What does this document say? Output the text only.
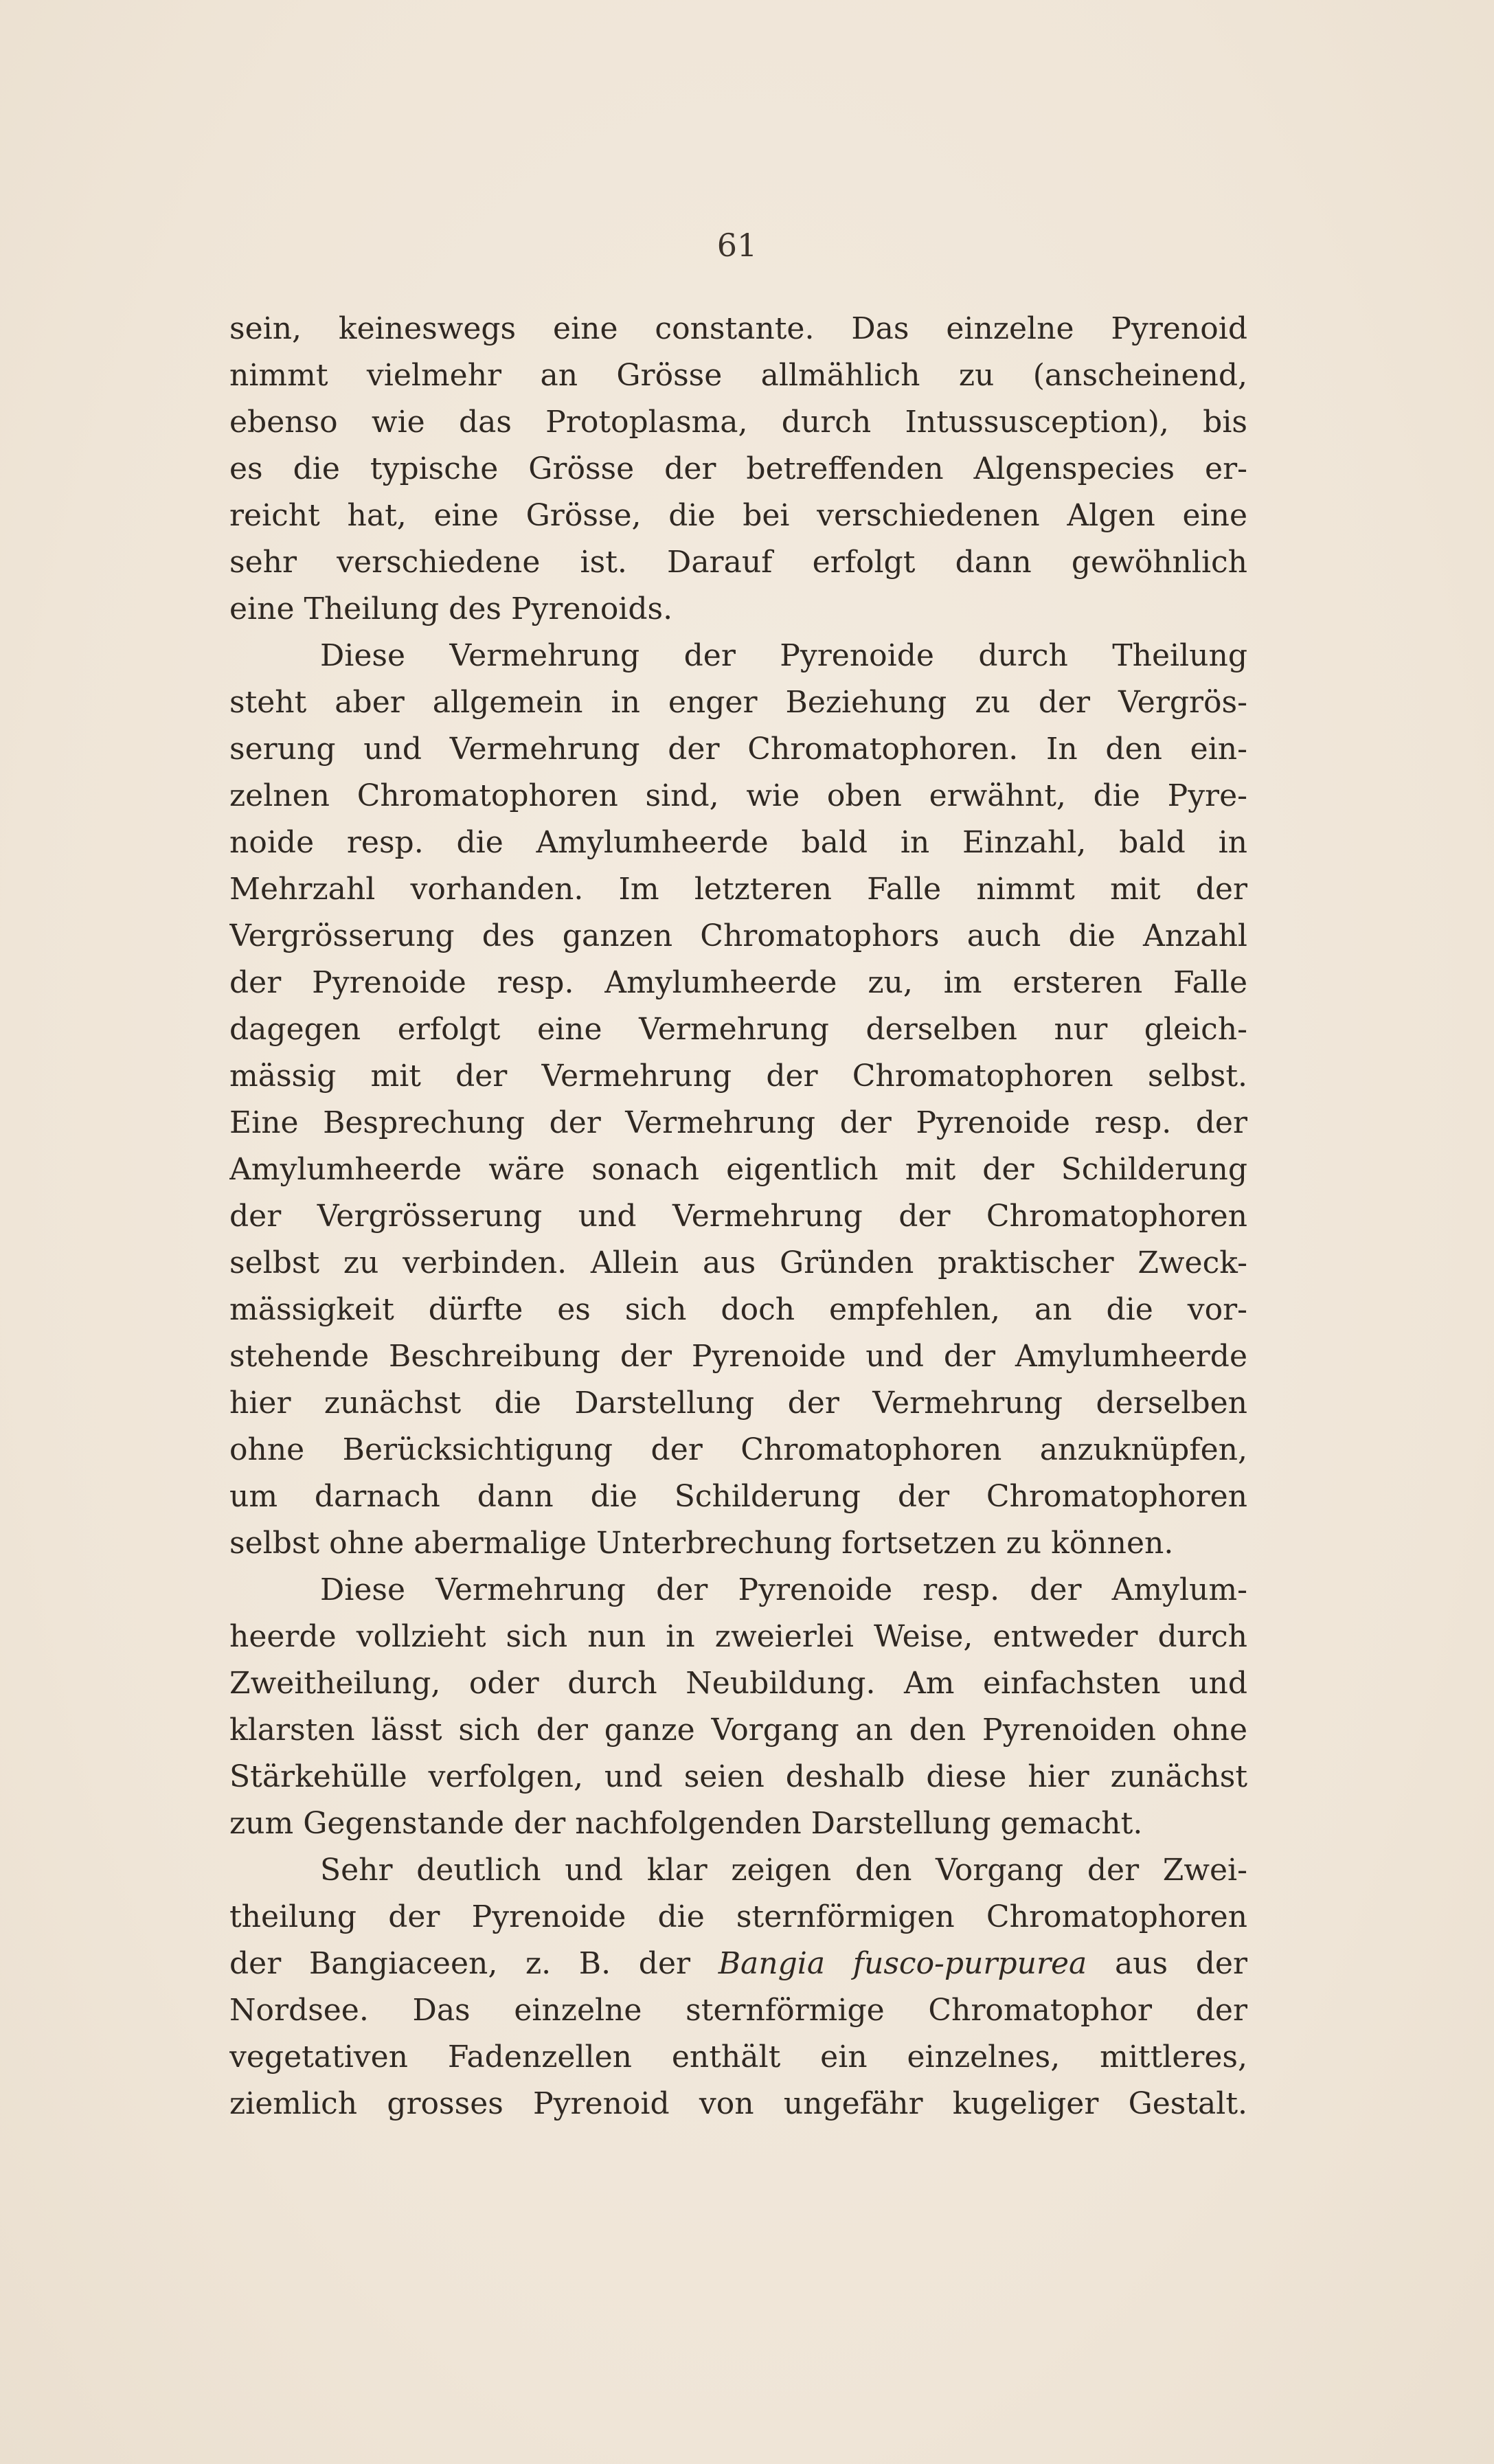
61
sein, keineswegs eine constante. Das einzelne Pyrenoid
nimmt vielmehr an Grösse allmählich zu (anscheinend,
ebenso wie das Protoplasma, durch Intussusception), bis
es die typische Grösse der betreffenden Algenspecies er-
reicht hat, eine Grösse, die bei verschiedenen Algen eine
sehr verschiedene ist. Darauf erfolgt dann gewöhnlich
eine Theilung des Pyrenoids.
Diese Vermehrung der Pyrenoide durch Theilung
steht aber allgemein in enger Beziehung zu der Vergrös-
serung und Vermehrung der Chromatophoren. In den ein-
zelnen Chromatophoren sind, wie oben erwähnt, die Pyre-
noide resp. die Amylumheerde bald in Einzahl, bald in
Mehrzahl vorhanden. Im letzteren Falle nimmt mit der
Vergrösserung des ganzen Chromatophors auch die Anzahl
der Pyrenoide resp. Amylumheerde zu, im ersteren Falle
dagegen erfolgt eine Vermehrung derselben nur gleich-
mässig mit der Vermehrung der Chromatophoren selbst.
Eine Besprechung der Vermehrung der Pyrenoide resp. der
Amylumheerde wäre sonach eigentlich mit der Schilderung
der Vergrösserung und Vermehrung der Chromatophoren
selbst zu verbinden. Allein aus Gründen praktischer Zweck-
mässigkeit dürfte es sich doch empfehlen, an die vor-
stehende Beschreibung der Pyrenoide und der Amylumheerde
hier zunächst die Darstellung der Vermehrung derselben
ohne Berücksichtigung der Chromatophoren anzuknüpfen,
um darnach dann die Schilderung der Chromatophoren
selbst ohne abermalige Unterbrechung fortsetzen zu können.
Diese Vermehrung der Pyrenoide resp. der Amylum-
heerde vollzieht sich nun in zweierlei Weise, entweder durch
Zweitheilung, oder durch Neubildung. Am einfachsten und
klarsten lässt sich der ganze Vorgang an den Pyrenoiden ohne
Stärkehülle verfolgen, und seien deshalb diese hier zunächst
zum Gegenstande der nachfolgenden Darstellung gemacht.
Sehr deutlich und klar zeigen den Vorgang der Zwei-
theilung der Pyrenoide die sternförmigen Chromatophoren
der Bangiaceen, z. B. der Bangia fusco-purpurea aus der
Nordsee. Das einzelne sternförmige Chromatophor der
vegetativen Fadenzellen enthält ein einzelnes, mittleres,
ziemlich grosses Pyrenoid von ungefähr kugeliger Gestalt.
